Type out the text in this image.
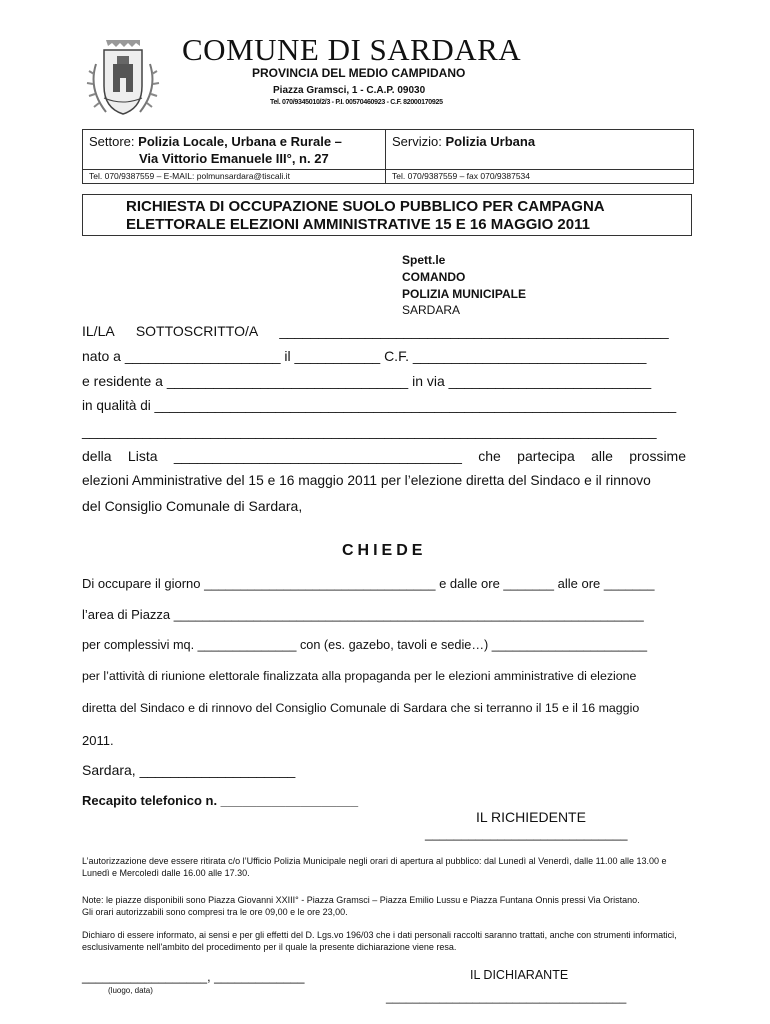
COMUNE DI SARDARA
PROVINCIA DEL MEDIO CAMPIDANO
Piazza Gramsci, 1 - C.A.P. 09030
Tel. 070/9345010/2/3 - P.I. 00570460923 - C.F. 82000170925
Settore: Polizia Locale, Urbana e Rurale –
Via Vittorio Emanuele III°, n. 27
Servizio: Polizia Urbana
Tel. 070/9387559 – E-MAIL: polmunsardara@tiscali.it	Tel. 070/9387559 – fax 070/9387534
RICHIESTA DI OCCUPAZIONE SUOLO PUBBLICO PER CAMPAGNA
ELETTORALE ELEZIONI AMMINISTRATIVE 15 E 16 MAGGIO 2011
Spett.le
COMANDO
POLIZIA MUNICIPALE
SARDARA
IL/LA SOTTOSCRITTO/A __________________________________________________
nato a ____________________ il ___________ C.F. ______________________________
e residente a _______________________________ in via __________________________
in qualità di _____________________________________________________________________
____________________________________________________________________________
della Lista _____________________________________ che partecipa alle prossime
elezioni Amministrative del 15 e 16 maggio 2011 per l’elezione diretta del Sindaco e il rinnovo
del Consiglio Comunale di Sardara,
CHIEDE
Di occupare il giorno ________________________________ e dalle ore _______ alle ore _______
l’area di Piazza _________________________________________________________________
per complessivi mq. ______________ con (es. gazebo, tavoli e sedie…) ______________________
per l’attività di riunione elettorale finalizzata alla propaganda per le elezioni amministrative di elezione
diretta del Sindaco e di rinnovo del Consiglio Comunale di Sardara che si terranno il 15 e il 16 maggio
2011.
Sardara, ____________________
Recapito telefonico n. ___________________
IL RICHIEDENTE
____________________________
L’autorizzazione deve essere ritirata c/o l’Ufficio Polizia Municipale negli orari di apertura al pubblico: dal Lunedì al Venerdì, dalle 11.00 alle 13.00 e Lunedì e Mercoledì dalle 16.00 alle 17.30.
Note: le piazze disponibili sono Piazza Giovanni XXIII° - Piazza Gramsci – Piazza Emilio Lussu e Piazza Funtana Onnis pressi Via Oristano.
Gli orari autorizzabili sono compresi tra le ore 09,00 e le ore 23,00.
Dichiaro di essere informato, ai sensi e per gli effetti del D. Lgs.vo 196/03 che i dati personali raccolti saranno trattati, anche con strumenti informatici, esclusivamente nell'ambito del procedimento per il quale la presente dichiarazione viene resa.
__________________, _____________
(luogo, data)
IL DICHIARANTE
____________________________________
